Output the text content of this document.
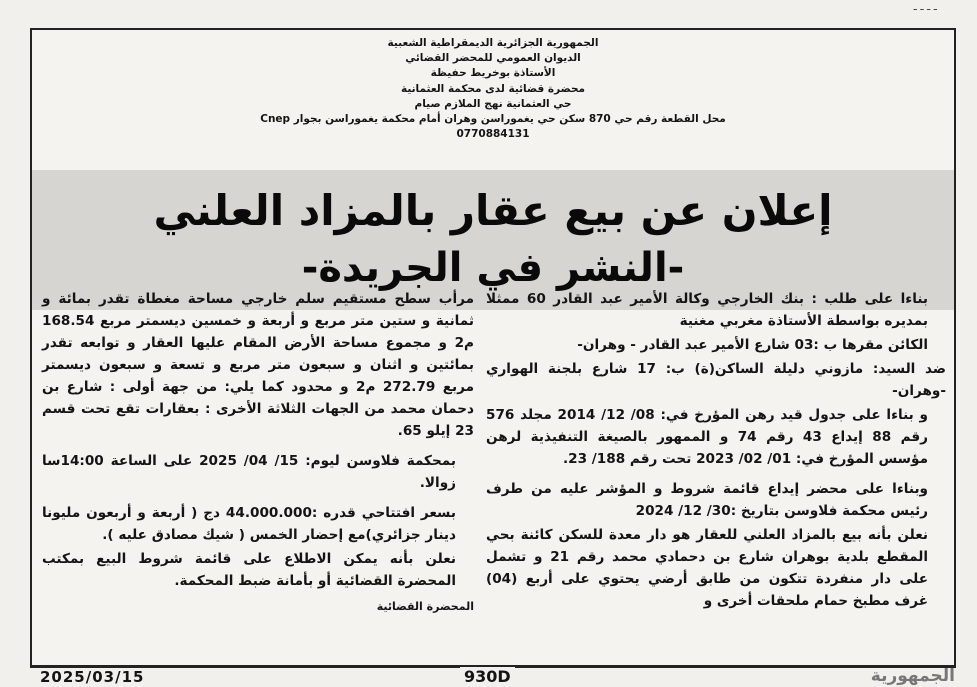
ـ ـ ـ ـ
الجمهورية الجزائرية الديمقراطية الشعبية
الديوان العمومي للمحضر القضائي
الأستاذة بوخريط حفيظة
محضرة قضائية لدى محكمة العثمانية
حي العثمانية نهج الملازم صيام
محل القطعة رقم حي 870 سكن حي يغموراسن وهران أمام محكمة يغموراسن بجوار Cnep
0770884131
إعلان عن بيع عقار بالمزاد العلني
-النشر في الجريدة-

بناءا على طلب : بنك الخارجي وكالة الأمير عبد القادر 60 ممثلا بمديره بواسطة الأستاذة مغربي مغنية

الكائن مقرها ب :03 شارع الأمير عبد القادر - وهران-

ضد السيد: مازوني دليلة الساكن(ة) ب: 17 شارع بلجنة الهواري -وهران-

و بناءا على جدول قيد رهن المؤرخ في: 08/ 12/ 2014 مجلد 576 رقم 88 إيداع 43 رقم 74 و الممهور بالصيغة التنفيذية لرهن مؤسس المؤرخ في: 01/ 02/ 2023 تحت رقم 188/ 23.

وبناءا على محضر إيداع قائمة شروط و المؤشر عليه من طرف رئيس محكمة فلاوسن بتاريخ :30/ 12/ 2024

نعلن بأنه بيع بالمزاد العلني للعقار هو دار معدة للسكن كائنة بحي المقطع بلدية بوهران شارع بن دحمادي محمد رقم 21 و تشمل على دار منفردة تتكون من طابق أرضي يحتوي على أربع (04) غرف مطبخ حمام ملحقات أخرى و

مرأب سطح مستقيم سلم خارجي مساحة مغطاة تقدر بمائة و ثمانية و ستين متر مربع و أربعة و خمسين ديسمتر مربع 168.54 م2 و مجموع مساحة الأرض المقام عليها العقار و توابعه تقدر بمائتين و اثنان و سبعون متر مربع و تسعة و سبعون ديسمتر مربع 272.79 م2 و محدود كما يلي: من جهة أولى : شارع بن دحمان محمد من الجهات الثلاثة الأخرى : بعقارات تقع تحت قسم 23 إيلو 65.

بمحكمة فلاوسن ليوم: 15/ 04/ 2025 على الساعة 14:00سا زوالا.

بسعر افتتاحي قدره :44.000.000 دج ( أربعة و أربعون مليونا دينار جزائري)مع إحضار الخمس ( شيك مصادق عليه ).

نعلن بأنه يمكن الاطلاع على قائمة شروط البيع بمكتب المحضرة القضائية أو بأمانة ضبط المحكمة.

المحضرة القضائية

2025/03/15	930D	الجمهورية
